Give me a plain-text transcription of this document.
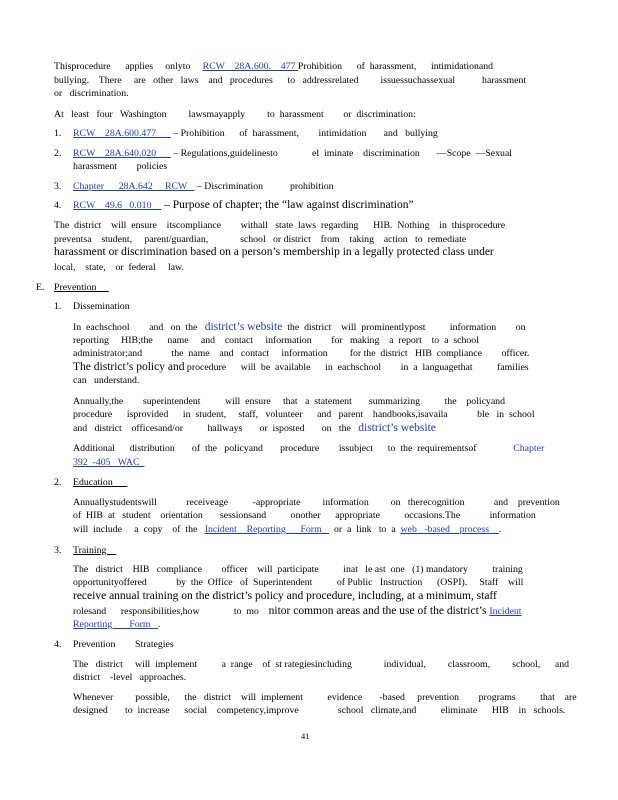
Thisprocedure      applies     onlyto     RCW    28A.600.    477 Prohibition      of  harassment,      intimidationand
bullying.    There     are   other   laws    and   procedures      to   addressrelated         issuessuchassexual           harassment
or   discrimination.
At   least   four   Washington         lawsmayapply         to  harassment        or  discrimination:
1. RCW    28A.600.477       – Prohibition      of  harassment,        intimidation       and   bullying
2. RCW    28A.640.020       – Regulations,guidelinesto              el  iminate    discrimination       —Scope  —Sexual
harassment        policies
3. Chapter      28A.642     RCW    – Discrimination           prohibition
4. RCW    49.6   0.010     – Purpose of chapter; the “law against discrimination”
The  district    will  ensure    itscompliance        withall   state  laws  regarding      HIB.  Nothing    in  thisprocedure
preventsa    student,     parent/guardian,             school   or district    from    taking    action   to  remediate
harassment or discrimination based on a person’s membership in a legally protected class under
local,    state,    or  federal     law.
E. Prevention
1. Dissemination
In  eachschool        and   on  the   district’s website  the  district    will  prominentlypost          information        on
reporting     HIB;the      name     and    contact     information        for   making    a  report    to  a  school
administrator;and            the  name    and   contact     information         for the  district   HIB  compliance        officer.
The district’s policy and procedure      will  be  available      in  eachschool        in  a  languagethat          families
can   understand.
Annually,the        superintendent          will  ensure     that   a  statement       summarizing          the    policyand
procedure      isprovided      in  student,     staff,   volunteer      and   parent    handbooks,isavaila            ble   in  school
and   district    officesand/or          hallways       or  isposted       on   the   district’s website
Additional      distribution       of  the   policyand       procedure        issubject      to  the  requirementsof               Chapter
392  -405   WAC
2. Education
Annuallystudentswill            receiveage          -appropriate         information         on   therecognition            and    prevention
of  HIB  at   student    orientation       sessionsand          onother      appropriate          occasions.The            information
will  include     a  copy    of  the   Incident    Reporting      Form     or  a  link   to  a  web   -based    process    .
3. Training
The   district    HIB   compliance        officer    will  participate          inat   le ast  one   (1) mandatory          training
opportunityoffered            by  the  Office   of  Superintendent          of Public   Instruction      (OSPI).     Staff    will
receive annual training on the district’s policy and procedure, including, at a minimum, staff
rolesand      responsibilities,how              to  mo    nitor common areas and the use of the district’s Incident
Reporting       Form   .
4. Prevention        Strategies
The   district     will  implement          a  range    of  st rategiesincluding             individual,         classroom,         school,      and
district    -level   approaches.
Whenever         possible,      the   district    will  implement          evidence       -based     prevention        programs          that    are
designed       to  increase      social    competency,improve                school   climate,and          eliminate      HIB    in   schools.
41
